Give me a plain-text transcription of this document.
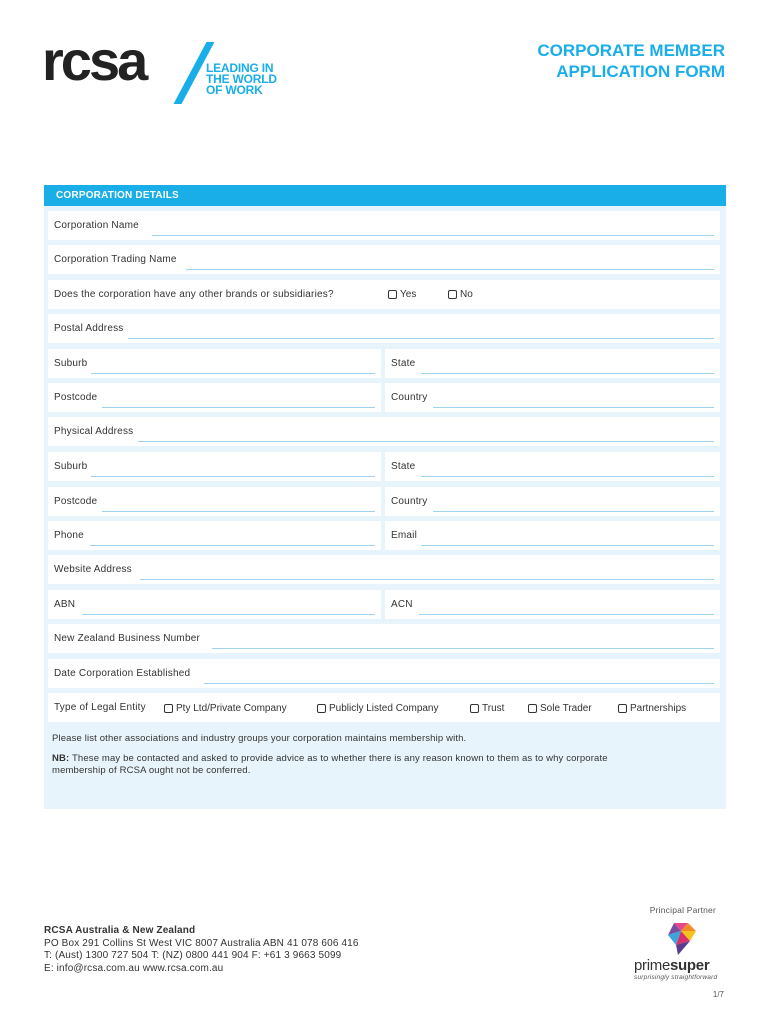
rcsa	LEADING IN
THE WORLD
OF WORK
CORPORATE MEMBER
APPLICATION FORM
CORPORATION DETAILS
Corporation Name
Corporation Trading Name
Does the corporation have any other brands or subsidiaries?	Yes	No
Postal Address
Suburb	State
Postcode	Country
Physical Address
Suburb	State
Postcode	Country
Phone	Email
Website Address
ABN	ACN
New Zealand Business Number
Date Corporation Established
Type of Legal Entity	Pty Ltd/Private Company	Publicly Listed Company	Trust	Sole Trader	Partnerships
Please list other associations and industry groups your corporation maintains membership with.
NB: These may be contacted and asked to provide advice as to whether there is any reason known to them as to why corporate
membership of RCSA ought not be conferred.
RCSA Australia & New Zealand
PO Box 291 Collins St West VIC 8007 Australia ABN 41 078 606 416
T: (Aust) 1300 727 504 T: (NZ) 0800 441 904 F: +61 3 9663 5099
E: info@rcsa.com.au www.rcsa.com.au
Principal Partner
primesuper
surprisingly straightforward
1/7
